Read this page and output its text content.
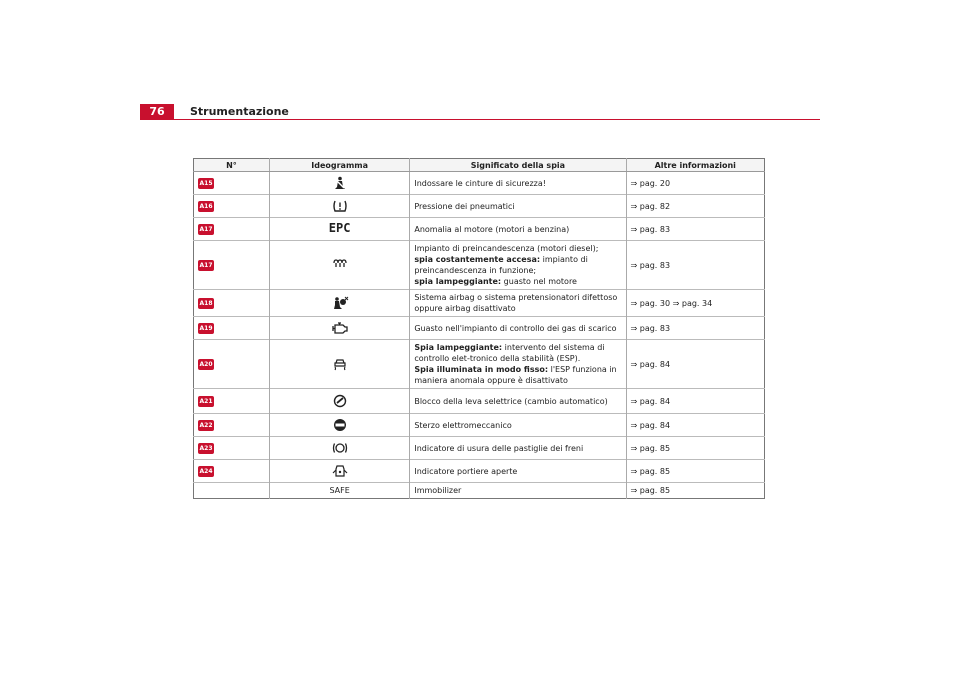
76	Strumentazione
N°	Ideogramma	Significato della spia	Altre informazioni
A15		Indossare le cinture di sicurezza!	⇒ pag. 20
A16		Pressione dei pneumatici	⇒ pag. 82
A17	EPC	Anomalia al motore (motori a benzina)	⇒ pag. 83
A17		Impianto di preincandescenza (motori diesel);
spia costantemente accesa: impianto di preincandescenza in funzione;
spia lampeggiante: guasto nel motore	⇒ pag. 83
A18		Sistema airbag o sistema pretensionatori difettoso oppure airbag disattivato	⇒ pag. 30 ⇒ pag. 34
A19		Guasto nell'impianto di controllo dei gas di scarico	⇒ pag. 83
A20		Spia lampeggiante: intervento del sistema di controllo elet-tronico della stabilità (ESP).
Spia illuminata in modo fisso: l'ESP funziona in maniera anomala oppure è disattivato	⇒ pag. 84
A21		Blocco della leva selettrice (cambio automatico)	⇒ pag. 84
A22		Sterzo elettromeccanico	⇒ pag. 84
A23		Indicatore di usura delle pastiglie dei freni	⇒ pag. 85
A24		Indicatore portiere aperte	⇒ pag. 85
	SAFE	Immobilizer	⇒ pag. 85
